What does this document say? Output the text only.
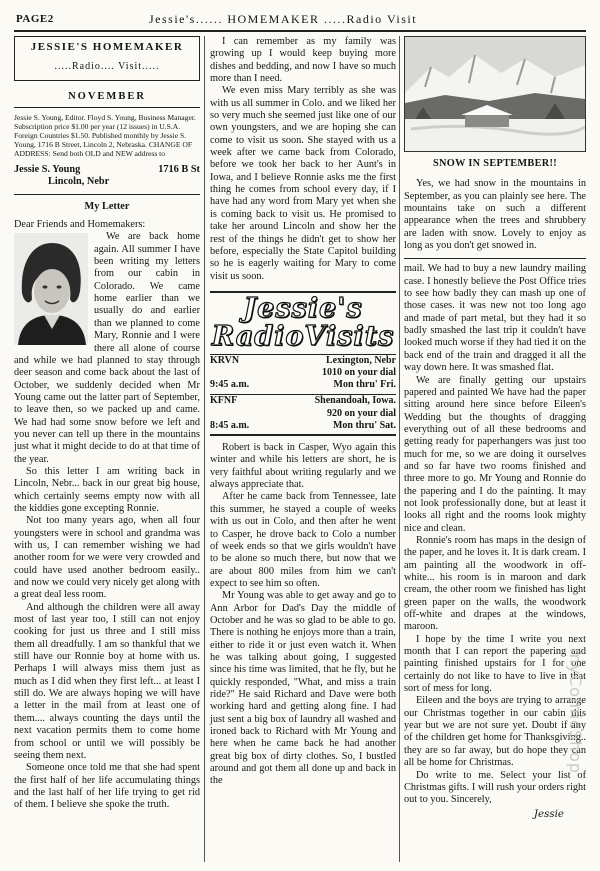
PAGE2	Jessie's...... HOMEMAKER .....Radio Visit
JESSIE'S HOMEMAKER
.....Radio.... Visit.....
NOVEMBER
Jessie S. Young, Editor. Floyd S. Young, Business Manager. Subscription price $1.00 per year (12 issues) in U.S.A. Foreign Countries $1.50. Published monthly by Jessie S. Young, 1716 B Street, Lincoln 2, Nebraska. CHANGE OF ADDRESS: Send both OLD and NEW address to
Jessie S. Young	1716 B St
Lincoln, Nebr
My Letter

Dear Friends and Homemakers:

We are back home again. All summer I have been writing my letters from our cabin in Colorado. We came home earlier than we usually do and earlier than we planned to come Mary, Ronnie and I were there all alone of course and while we had planned to stay through deer season and come back about the last of October, we suddenly decided when Mr Young came out the latter part of September, to leave then, so we packed up and came. We had had some snow before we left and you never can tell up there in the mountains just what it might decide to do at that time of the year.

So this letter I am writing back in Lincoln, Nebr... back in our great big house, which certainly seems empty now with all the kiddies gone excepting Ronnie.

Not too many years ago, when all four youngsters were in school and grandma was with us, I can remember wishing we had another room for we were very crowded and could have used another bedroom easily.. and now we could very nicely get along with a great deal less room.

And although the children were all away most of last year too, I still can not enjoy cooking for just us three and I still miss them all dreadfully. I am so thankful that we still have our Ronnie boy at home with us. Perhaps I will always miss them just as much as I did when they first left... at least I still do. We are always hoping we will have a letter in the mail from at least one of them.... always counting the days until the next vacation permits them to come home from school or until we will possibly be seeing them next.

Someone once told me that she had spent the first half of her life accumulating things and the last half of her life trying to get rid of them. I believe she spoke the truth.

I can remember as my family was growing up I would keep buying more dishes and bedding, and now I have so much more than I need.

We even miss Mary terribly as she was with us all summer in Colo. and we liked her so very much she seemed just like one of our own youngsters, and we are hoping she can come to visit us soon. She stayed with us a week after we came back from Colorado, before we took her back to her Aunt's in Iowa, and I believe Ronnie asks me the first thing he comes from school every day, if I have had any word from Mary yet when she is coming back to visit us. He promised to take her around Lincoln and show her the rest of the things he didn't get to show her before, especially the State Capitol building so he is eagerly waiting for Mary to come visit us soon.

Jessie's
RadioVisits
KRVN	Lexington, Nebr
1010 on your dial
9:45 a.m.	Mon thru' Fri.
KFNF	Shenandoah, Iowa.
920 on your dial
8:45 a.m.	Mon thru' Sat.

Robert is back in Casper, Wyo again this winter and while his letters are short, he is very faithful about writing regularly and we always appreciate that.

After he came back from Tennessee, late this summer, he stayed a couple of weeks with us out in Colo, and then after he went to Casper, he drove back to Colo a number of week ends so that we girls wouldn't have to be alone so much there, but now that we are about 800 miles from him we can't expect to see him so often.

Mr Young was able to get away and go to Ann Arbor for Dad's Day the middle of October and he was so glad to be able to go. There is nothing he enjoys more than a train, either to ride it or just even watch it. When he was talking about going, I suggested since his time was limited, that he fly, but he quickly responded, "What, and miss a train ride?" He said Richard and Dave were both working hard and getting along fine. I had just sent a big box of laundry all washed and ironed back to Richard with Mr Young and here when he came back he had another great big box of dirty clothes. So, I bustled around and got them all done up and back in the

SNOW IN SEPTEMBER!!

Yes, we had snow in the mountains in September, as you can plainly see here. The mountains take on such a different appearance when the trees and shrubbery are laden with snow. Lovely to enjoy as long as you don't get snowed in.

mail. We had to buy a new laundry mailing case. I honestly believe the Post Office tries to see how badly they can mash up one of those cases. it was new not too long ago and made of part metal, but they had it so badly smashed the last trip it couldn't have looked much worse if they had tied it on the back end of the train and dragged it all the way down here. It was smashed flat.

We are finally getting our upstairs papered and painted We have had the paper sitting around here since before Eileen's Wedding but the thoughts of dragging everything out of all these bedrooms and getting ready for paperhangers was just too much for me, so we are doing it ourselves and so far have two rooms finished and three more to go. Mr Young and Ronnie do the papering and I do the painting. It may not look professionally done, but at least it looks all right and the rooms look mighty nice and clean.

Ronnie's room has maps in the design of the paper, and he loves it. It is dark cream. I am painting all the woodwork in off-white... his room is in maroon and dark cream, the other room we finished has light green paper on the walls, the woodwork off-white and drapes at the windows, maroon.

I hope by the time I write you next month that I can report the papering and painting finished upstairs for I for one certainly do not like to have to live in that sort of mess for long.

Eileen and the boys are trying to arrange our Christmas together in our cabin this year but we are not sure yet. Doubt if any of the children get home for Thanksgiving.. they are so far away, but do hope they can all be home for Christmas.

Do write to me. Select your list of Christmas gifts. I will rush your orders right out to you. Sincerely,

Jessie
myComicShop
